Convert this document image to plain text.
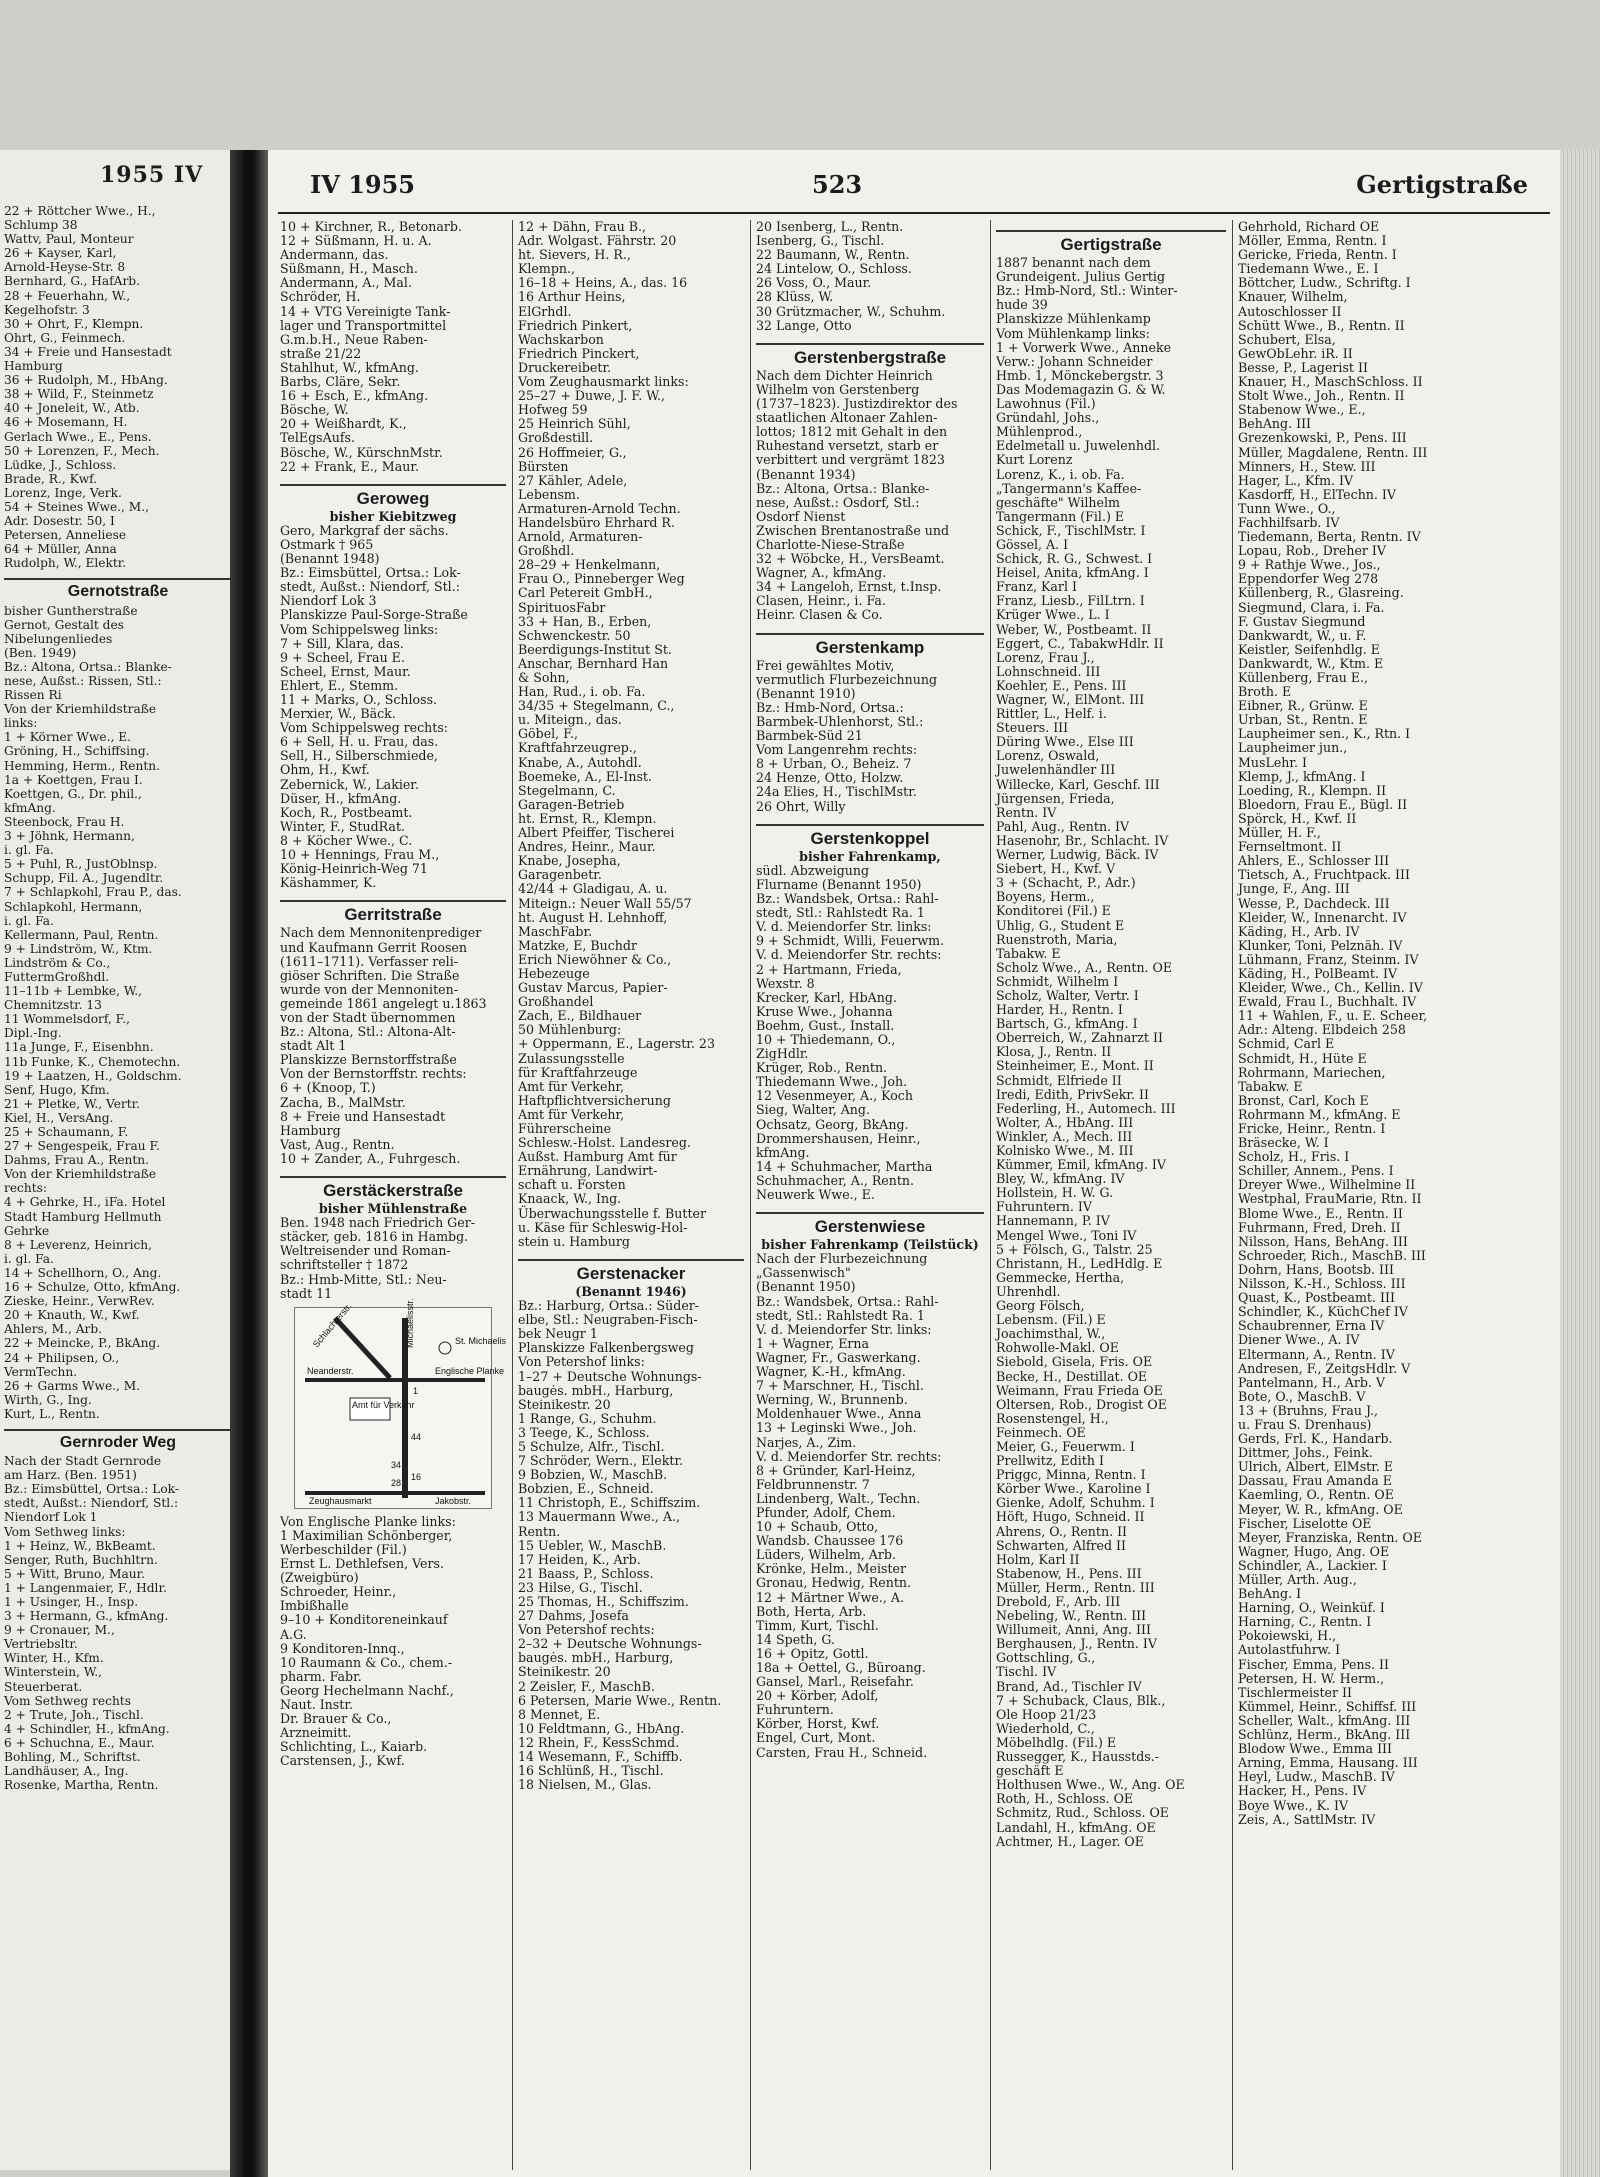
1955 IV
22 + Röttcher Wwe., H.,
Schlump 38
Wattv, Paul, Monteur
26 + Kayser, Karl,
Arnold-Heyse-Str. 8
Bernhard, G., HafArb.
28 + Feuerhahn, W.,
Kegelhofstr. 3
30 + Ohrt, F., Klempn.
Ohrt, G., Feinmech.
34 + Freie und Hansestadt
Hamburg
36 + Rudolph, M., HbAng.
38 + Wild, F., Steinmetz
40 + Joneleit, W., Atb.
46 + Mosemann, H.
Gerlach Wwe., E., Pens.
50 + Lorenzen, F., Mech.
Lüdke, J., Schloss.
Brade, R., Kwf.
Lorenz, Inge, Verk.
54 + Steines Wwe., M.,
Adr. Dosestr. 50, I
Petersen, Anneliese
64 + Müller, Anna
Rudolph, W., Elektr.
Gernotstraße
bisher Guntherstraße
Gernot, Gestalt des
Nibelungenliedes
(Ben. 1949)
Bz.: Altona, Ortsa.: Blanke-
nese, Außst.: Rissen, Stl.:
Rissen Ri
Von der Kriemhildstraße
links:
1 + Körner Wwe., E.
Gröning, H., Schiffsing.
Hemming, Herm., Rentn.
1a + Koettgen, Frau I.
Koettgen, G., Dr. phil.,
kfmAng.
Steenbock, Frau H.
3 + Jöhnk, Hermann,
i. gl. Fa.
5 + Puhl, R., JustOblnsp.
Schupp, Fil. A., Jugendltr.
7 + Schlapkohl, Frau P., das.
Schlapkohl, Hermann,
i. gl. Fa.
Kellermann, Paul, Rentn.
9 + Lindström, W., Ktm.
Lindström & Co.,
FuttermGroßhdl.
11–11b + Lembke, W.,
Chemnitzstr. 13
11 Wommelsdorf, F.,
Dipl.-Ing.
11a Junge, F., Eisenbhn.
11b Funke, K., Chemotechn.
19 + Laatzen, H., Goldschm.
Senf, Hugo, Kfm.
21 + Pletke, W., Vertr.
Kiel, H., VersAng.
25 + Schaumann, F.
27 + Sengespeik, Frau F.
Dahms, Frau A., Rentn.
Von der Kriemhildstraße
rechts:
4 + Gehrke, H., iFa. Hotel
Stadt Hamburg Hellmuth
Gehrke
8 + Leverenz, Heinrich,
i. gl. Fa.
14 + Schellhorn, O., Ang.
16 + Schulze, Otto, kfmAng.
Zieske, Heinr., VerwRev.
20 + Knauth, W., Kwf.
Ahlers, M., Arb.
22 + Meincke, P., BkAng.
24 + Philipsen, O.,
VermTechn.
26 + Garms Wwe., M.
Wirth, G., Ing.
Kurt, L., Rentn.
Gernroder Weg
Nach der Stadt Gernrode
am Harz. (Ben. 1951)
Bz.: Eimsbüttel, Ortsa.: Lok-
stedt, Außst.: Niendorf, Stl.:
Niendorf Lok 1
Vom Sethweg links:
1 + Heinz, W., BkBeamt.
Senger, Ruth, Buchhltrn.
5 + Witt, Bruno, Maur.
1 + Langenmaier, F., Hdlr.
1 + Usinger, H., Insp.
3 + Hermann, G., kfmAng.
9 + Cronauer, M.,
Vertriebsltr.
Winter, H., Kfm.
Winterstein, W.,
Steuerberat.
Vom Sethweg rechts
2 + Trute, Joh., Tischl.
4 + Schindler, H., kfmAng.
6 + Schuchna, E., Maur.
Bohling, M., Schriftst.
Landhäuser, A., Ing.
Rosenke, Martha, Rentn.
IV 1955	523	Gertigstraße
10 + Kirchner, R., Betonarb.
12 + Süßmann, H. u. A.
Andermann, das.
Süßmann, H., Masch.
Andermann, A., Mal.
Schröder, H.
14 + VTG Vereinigte Tank-
lager und Transportmittel
G.m.b.H., Neue Raben-
straße 21/22
Stahlhut, W., kfmAng.
Barbs, Cläre, Sekr.
16 + Esch, E., kfmAng.
Bösche, W.
20 + Weißhardt, K.,
TelEgsAufs.
Bösche, W., KürschnMstr.
22 + Frank, E., Maur.
Geroweg
bisher Kiebitzweg
Gero, Markgraf der sächs.
Ostmark † 965
(Benannt 1948)
Bz.: Eimsbüttel, Ortsa.: Lok-
stedt, Außst.: Niendorf, Stl.:
Niendorf Lok 3
Planskizze Paul-Sorge-Straße
Vom Schippelsweg links:
7 + Sill, Klara, das.
9 + Scheel, Frau E.
Scheel, Ernst, Maur.
Ehlert, E., Stemm.
11 + Marks, O., Schloss.
Merxier, W., Bäck.
Vom Schippelsweg rechts:
6 + Sell, H. u. Frau, das.
Sell, H., Silberschmiede,
Ohm, H., Kwf.
Zebernick, W., Lakier.
Düser, H., kfmAng.
Koch, R., Postbeamt.
Winter, F., StudRat.
8 + Köcher Wwe., C.
10 + Hennings, Frau M.,
König-Heinrich-Weg 71
Käshammer, K.
Gerritstraße
Nach dem Mennonitenprediger
und Kaufmann Gerrit Roosen
(1611–1711). Verfasser reli-
giöser Schriften. Die Straße
wurde von der Mennoniten-
gemeinde 1861 angelegt u.1863
von der Stadt übernommen
Bz.: Altona, Stl.: Altona-Alt-
stadt Alt 1
Planskizze Bernstorffstraße
Von der Bernstorffstr. rechts:
6 + (Knoop, T.)
Zacha, B., MalMstr.
8 + Freie und Hansestadt
Hamburg
Vast, Aug., Rentn.
10 + Zander, A., Fuhrgesch.
Gerstäckerstraße
bisher Mühlenstraße
Ben. 1948 nach Friedrich Ger-
stäcker, geb. 1816 in Hambg.
Weltreisender und Roman-
schriftsteller † 1872
Bz.: Hmb-Mitte, Stl.: Neu-
stadt 11
Schlachterstr.	Michaelisstr.	St. Michaelis
Englische Planke
Neanderstr.
Amt für Verkehr
Zeughausmarkt	Jakobstr.
1
44
34
16
28
Von Englische Planke links:
1 Maximilian Schönberger,
Werbeschilder (Fil.)
Ernst L. Dethlefsen, Vers.
(Zweigbüro)
Schroeder, Heinr.,
Imbißhalle
9–10 + Konditoreneinkauf
A.G.
9 Konditoren-Innq.,
10 Raumann & Co., chem.-
pharm. Fabr.
Georg Hechelmann Nachf.,
Naut. Instr.
Dr. Brauer & Co.,
Arzneimitt.
Schlichting, L., Kaiarb.
Carstensen, J., Kwf.
12 + Dähn, Frau B.,
Adr. Wolgast. Fährstr. 20
ht. Sievers, H. R.,
Klempn.,
16–18 + Heins, A., das. 16
16 Arthur Heins,
ElGrhdl.
Friedrich Pinkert,
Wachskarbon
Friedrich Pinckert,
Druckereibetr.
Vom Zeughausmarkt links:
25–27 + Duwe, J. F. W.,
Hofweg 59
25 Heinrich Sühl,
Großdestill.
26 Hoffmeier, G.,
Bürsten
27 Kähler, Adele,
Lebensm.
Armaturen-Arnold Techn.
Handelsbüro Ehrhard R.
Arnold, Armaturen-
Großhdl.
28–29 + Henkelmann,
Frau O., Pinneberger Weg
Carl Petereit GmbH.,
SpirituosFabr
33 + Han, B., Erben,
Schwenckestr. 50
Beerdigungs-Institut St.
Anschar, Bernhard Han
& Sohn,
Han, Rud., i. ob. Fa.
34/35 + Stegelmann, C.,
u. Miteign., das.
Göbel, F.,
Kraftfahrzeugrep.,
Knabe, A., Autohdl.
Boemeke, A., El-Inst.
Stegelmann, C.
Garagen-Betrieb
ht. Ernst, R., Klempn.
Albert Pfeiffer, Tischerei
Andres, Heinr., Maur.
Knabe, Josepha,
Garagenbetr.
42/44 + Gladigau, A. u.
Miteign.: Neuer Wall 55/57
ht. August H. Lehnhoff,
MaschFabr.
Matzke, E, Buchdr
Erich Niewöhner & Co.,
Hebezeuge
Gustav Marcus, Papier-
Großhandel
Zach, E., Bildhauer
50 Mühlenburg:
+ Oppermann, E., Lagerstr. 23
Zulassungsstelle
für Kraftfahrzeuge
Amt für Verkehr,
Haftpflichtversicherung
Amt für Verkehr,
Führerscheine
Schlesw.-Holst. Landesreg.
Außst. Hamburg Amt für
Ernährung, Landwirt-
schaft u. Forsten
Knaack, W., Ing.
Überwachungsstelle f. Butter
u. Käse für Schleswig-Hol-
stein u. Hamburg
Gerstenacker
(Benannt 1946)
Bz.: Harburg, Ortsa.: Süder-
elbe, Stl.: Neugraben-Fisch-
bek Neugr 1
Planskizze Falkenbergsweg
Von Petershof links:
1–27 + Deutsche Wohnungs-
baugės. mbH., Harburg,
Steinikestr. 20
1 Range, G., Schuhm.
3 Teege, K., Schloss.
5 Schulze, Alfr., Tischl.
7 Schröder, Wern., Elektr.
9 Bobzien, W., MaschB.
Bobzien, E., Schneid.
11 Christoph, E., Schiffszim.
13 Mauermann Wwe., A.,
Rentn.
15 Uebler, W., MaschB.
17 Heiden, K., Arb.
21 Baass, P., Schloss.
23 Hilse, G., Tischl.
25 Thomas, H., Schiffszim.
27 Dahms, Josefa
Von Petershof rechts:
2–32 + Deutsche Wohnungs-
baugės. mbH., Harburg,
Steinikestr. 20
2 Zeisler, F., MaschB.
6 Petersen, Marie Wwe., Rentn.
8 Mennet, E.
10 Feldtmann, G., HbAng.
12 Rhein, F., KessSchmd.
14 Wesemann, F., Schiffb.
16 Schlünß, H., Tischl.
18 Nielsen, M., Glas.
20 Isenberg, L., Rentn.
Isenberg, G., Tischl.
22 Baumann, W., Rentn.
24 Lintelow, O., Schloss.
26 Voss, O., Maur.
28 Klüss, W.
30 Grützmacher, W., Schuhm.
32 Lange, Otto
Gerstenbergstraße
Nach dem Dichter Heinrich
Wilhelm von Gerstenberg
(1737–1823). Justizdirektor des
staatlichen Altonaer Zahlen-
lottos; 1812 mit Gehalt in den
Ruhestand versetzt, starb er
verbittert und vergrämt 1823
(Benannt 1934)
Bz.: Altona, Ortsa.: Blanke-
nese, Außst.: Osdorf, Stl.:
Osdorf Nienst
Zwischen Brentanostraße und
Charlotte-Niese-Straße
32 + Wöbcke, H., VersBeamt.
Wagner, A., kfmAng.
34 + Langeloh, Ernst, t.Insp.
Clasen, Heinr., i. Fa.
Heinr. Clasen & Co.
Gerstenkamp
Frei gewähltes Motiv,
vermutlich Flurbezeichnung
(Benannt 1910)
Bz.: Hmb-Nord, Ortsa.:
Barmbek-Uhlenhorst, Stl.:
Barmbek-Süd 21
Vom Langenrehm rechts:
8 + Urban, O., Beheiz. 7
24 Henze, Otto, Holzw.
24a Elies, H., TischlMstr.
26 Ohrt, Willy
Gerstenkoppel
bisher Fahrenkamp,
südl. Abzweigung
Flurname (Benannt 1950)
Bz.: Wandsbek, Ortsa.: Rahl-
stedt, Stl.: Rahlstedt Ra. 1
V. d. Meiendorfer Str. links:
9 + Schmidt, Willi, Feuerwm.
V. d. Meiendorfer Str. rechts:
2 + Hartmann, Frieda,
Wexstr. 8
Krecker, Karl, HbAng.
Kruse Wwe., Johanna
Boehm, Gust., Install.
10 + Thiedemann, O.,
ZigHdlr.
Krüger, Rob., Rentn.
Thiedemann Wwe., Joh.
12 Vesenmeyer, A., Koch
Sieg, Walter, Ang.
Ochsatz, Georg, BkAng.
Drommershausen, Heinr.,
kfmAng.
14 + Schuhmacher, Martha
Schuhmacher, A., Rentn.
Neuwerk Wwe., E.
Gerstenwiese
bisher Fahrenkamp (Teilstück)
Nach der Flurbezeichnung
„Gassenwisch"
(Benannt 1950)
Bz.: Wandsbek, Ortsa.: Rahl-
stedt, Stl.: Rahlstedt Ra. 1
V. d. Meiendorfer Str. links:
1 + Wagner, Erna
Wagner, Fr., Gaswerkang.
Wagner, K.-H., kfmAng.
7 + Marschner, H., Tischl.
Werning, W., Brunnenb.
Moldenhauer Wwe., Anna
13 + Leginski Wwe., Joh.
Narjes, A., Zim.
V. d. Meiendorfer Str. rechts:
8 + Gründer, Karl-Heinz,
Feldbrunnenstr. 7
Lindenberg, Walt., Techn.
Pfunder, Adolf, Chem.
10 + Schaub, Otto,
Wandsb. Chaussee 176
Lüders, Wilhelm, Arb.
Krönke, Helm., Meister
Gronau, Hedwig, Rentn.
12 + Märtner Wwe., A.
Both, Herta, Arb.
Timm, Kurt, Tischl.
14 Speth, G.
16 + Opitz, Gottl.
18a + Oettel, G., Büroang.
Gansel, Marl., Reisefahr.
20 + Körber, Adolf,
Fuhruntern.
Körber, Horst, Kwf.
Engel, Curt, Mont.
Carsten, Frau H., Schneid.
Gertigstraße
1887 benannt nach dem
Grundeigent. Julius Gertig
Bz.: Hmb-Nord, Stl.: Winter-
hude 39
Planskizze Mühlenkamp
Vom Mühlenkamp links:
1 + Vorwerk Wwe., Anneke
Verw.: Johann Schneider
Hmb. 1, Mönckebergstr. 3
Das Modemagazin G. & W.
Lawohnus (Fil.)
Gründahl, Johs.,
Mühlenprod.,
Edelmetall u. Juwelenhdl.
Kurt Lorenz
Lorenz, K., i. ob. Fa.
„Tangermann's Kaffee-
geschäfte" Wilhelm
Tangermann (Fil.) E
Schick, F., TischlMstr. I
Gössel, A. I
Schick, R. G., Schwest. I
Heisel, Anita, kfmAng. I
Franz, Karl I
Franz, Liesb., FilLtrn. I
Krüger Wwe., L. I
Weber, W., Postbeamt. II
Eggert, C., TabakwHdlr. II
Lorenz, Frau J.,
Lohnschneid. III
Koehler, E., Pens. III
Wagner, W., ElMont. III
Rittler, L., Helf. i.
Steuers. III
Düring Wwe., Else III
Lorenz, Oswald,
Juwelenhändler III
Willecke, Karl, Geschf. III
Jürgensen, Frieda,
Rentn. IV
Pahl, Aug., Rentn. IV
Hasenohr, Br., Schlacht. IV
Werner, Ludwig, Bäck. IV
Siebert, H., Kwf. V
3 + (Schacht, P., Adr.)
Boyens, Herm.,
Konditorei (Fil.) E
Uhlig, G., Student E
Ruenstroth, Maria,
Tabakw. E
Scholz Wwe., A., Rentn. OE
Schmidt, Wilhelm I
Scholz, Walter, Vertr. I
Harder, H., Rentn. I
Bartsch, G., kfmAng. I
Oberreich, W., Zahnarzt II
Klosa, J., Rentn. II
Steinheimer, E., Mont. II
Schmidt, Elfriede II
Iredi, Edith, PrivSekr. II
Federling, H., Automech. III
Wolter, A., HbAng. III
Winkler, A., Mech. III
Kolnisko Wwe., M. III
Kümmer, Emil, kfmAng. IV
Bley, W., kfmAng. IV
Hollstein, H. W. G.
Fuhruntern. IV
Hannemann, P. IV
Mengel Wwe., Toni IV
5 + Fölsch, G., Talstr. 25
Christann, H., LedHdlg. E
Gemmecke, Hertha,
Uhrenhdl.
Georg Fölsch,
Lebensm. (Fil.) E
Joachimsthal, W.,
Rohwolle-Makl. OE
Siebold, Gisela, Fris. OE
Becke, H., Destillat. OE
Weimann, Frau Frieda OE
Oltersen, Rob., Drogist OE
Rosenstengel, H.,
Feinmech. OE
Meier, G., Feuerwm. I
Prellwitz, Edith I
Priggc, Minna, Rentn. I
Körber Wwe., Karoline I
Gienke, Adolf, Schuhm. I
Höft, Hugo, Schneid. II
Ahrens, O., Rentn. II
Schwarten, Alfred II
Holm, Karl II
Stabenow, H., Pens. III
Müller, Herm., Rentn. III
Drebold, F., Arb. III
Nebeling, W., Rentn. III
Willumeit, Anni, Ang. III
Berghausen, J., Rentn. IV
Gottschling, G.,
Tischl. IV
Brand, Ad., Tischler IV
7 + Schuback, Claus, Blk.,
Ole Hoop 21/23
Wiederhold, C.,
Möbelhdlg. (Fil.) E
Russegger, K., Hausstds.-
geschäft E
Holthusen Wwe., W., Ang. OE
Roth, H., Schloss. OE
Schmitz, Rud., Schloss. OE
Landahl, H., kfmAng. OE
Achtmer, H., Lager. OE
Gehrhold, Richard OE
Möller, Emma, Rentn. I
Gericke, Frieda, Rentn. I
Tiedemann Wwe., E. I
Böttcher, Ludw., Schriftg. I
Knauer, Wilhelm,
Autoschlosser II
Schütt Wwe., B., Rentn. II
Schubert, Elsa,
GewObLehr. iR. II
Besse, P., Lagerist II
Knauer, H., MaschSchloss. II
Stolt Wwe., Joh., Rentn. II
Stabenow Wwe., E.,
BehAng. III
Grezenkowski, P., Pens. III
Müller, Magdalene, Rentn. III
Minners, H., Stew. III
Hager, L., Kfm. IV
Kasdorff, H., ElTechn. IV
Tunn Wwe., O.,
Fachhilfsarb. IV
Tiedemann, Berta, Rentn. IV
Lopau, Rob., Dreher IV
9 + Rathje Wwe., Jos.,
Eppendorfer Weg 278
Küllenberg, R., Glasreing.
Siegmund, Clara, i. Fa.
F. Gustav Siegmund
Dankwardt, W., u. F.
Keistler, Seifenhdlg. E
Dankwardt, W., Ktm. E
Küllenberg, Frau E.,
Broth. E
Eibner, R., Grünw. E
Urban, St., Rentn. E
Laupheimer sen., K., Rtn. I
Laupheimer jun.,
MusLehr. I
Klemp, J., kfmAng. I
Loeding, R., Klempn. II
Bloedorn, Frau E., Bügl. II
Spörck, H., Kwf. II
Müller, H. F.,
Fernseltmont. II
Ahlers, E., Schlosser III
Tietsch, A., Fruchtpack. III
Junge, F., Ang. III
Wesse, P., Dachdeck. III
Kleider, W., Innenarcht. IV
Käding, H., Arb. IV
Klunker, Toni, Pelznäh. IV
Lühmann, Franz, Steinm. IV
Käding, H., PolBeamt. IV
Kleider, Wwe., Ch., Kellin. IV
Ewald, Frau I., Buchhalt. IV
11 + Wahlen, F., u. E. Scheer,
Adr.: Alteng. Elbdeich 258
Schmid, Carl E
Schmidt, H., Hüte E
Rohrmann, Mariechen,
Tabakw. E
Bronst, Carl, Koch E
Rohrmann M., kfmAng. E
Fricke, Heinr., Rentn. I
Bräsecke, W. I
Scholz, H., Fris. I
Schiller, Annem., Pens. I
Dreyer Wwe., Wilhelmine II
Westphal, FrauMarie, Rtn. II
Blome Wwe., E., Rentn. II
Fuhrmann, Fred, Dreh. II
Nilsson, Hans, BehAng. III
Schroeder, Rich., MaschB. III
Dohrn, Hans, Bootsb. III
Nilsson, K.-H., Schloss. III
Quast, K., Postbeamt. III
Schindler, K., KüchChef IV
Schaubrenner, Erna IV
Diener Wwe., A. IV
Eltermann, A., Rentn. IV
Andresen, F., ZeitgsHdlr. V
Pantelmann, H., Arb. V
Bote, O., MaschB. V
13 + (Bruhns, Frau J.,
u. Frau S. Drenhaus)
Gerds, Frl. K., Handarb.
Dittmer, Johs., Feink.
Ulrich, Albert, ElMstr. E
Dassau, Frau Amanda E
Kaemling, O., Rentn. OE
Meyer, W. R., kfmAng. OE
Fischer, Liselotte OE
Meyer, Franziska, Rentn. OE
Wagner, Hugo, Ang. OE
Schindler, A., Lackier. I
Müller, Arth. Aug.,
BehAng. I
Harning, O., Weinküf. I
Harning, C., Rentn. I
Pokoiewski, H.,
Autolastfuhrw. I
Fischer, Emma, Pens. II
Petersen, H. W. Herm.,
Tischlermeister II
Kümmel, Heinr., Schiffsf. III
Scheller, Walt., kfmAng. III
Schlünz, Herm., BkAng. III
Blodow Wwe., Emma III
Arning, Emma, Hausang. III
Heyl, Ludw., MaschB. IV
Hacker, H., Pens. IV
Boye Wwe., K. IV
Zeis, A., SattlMstr. IV
